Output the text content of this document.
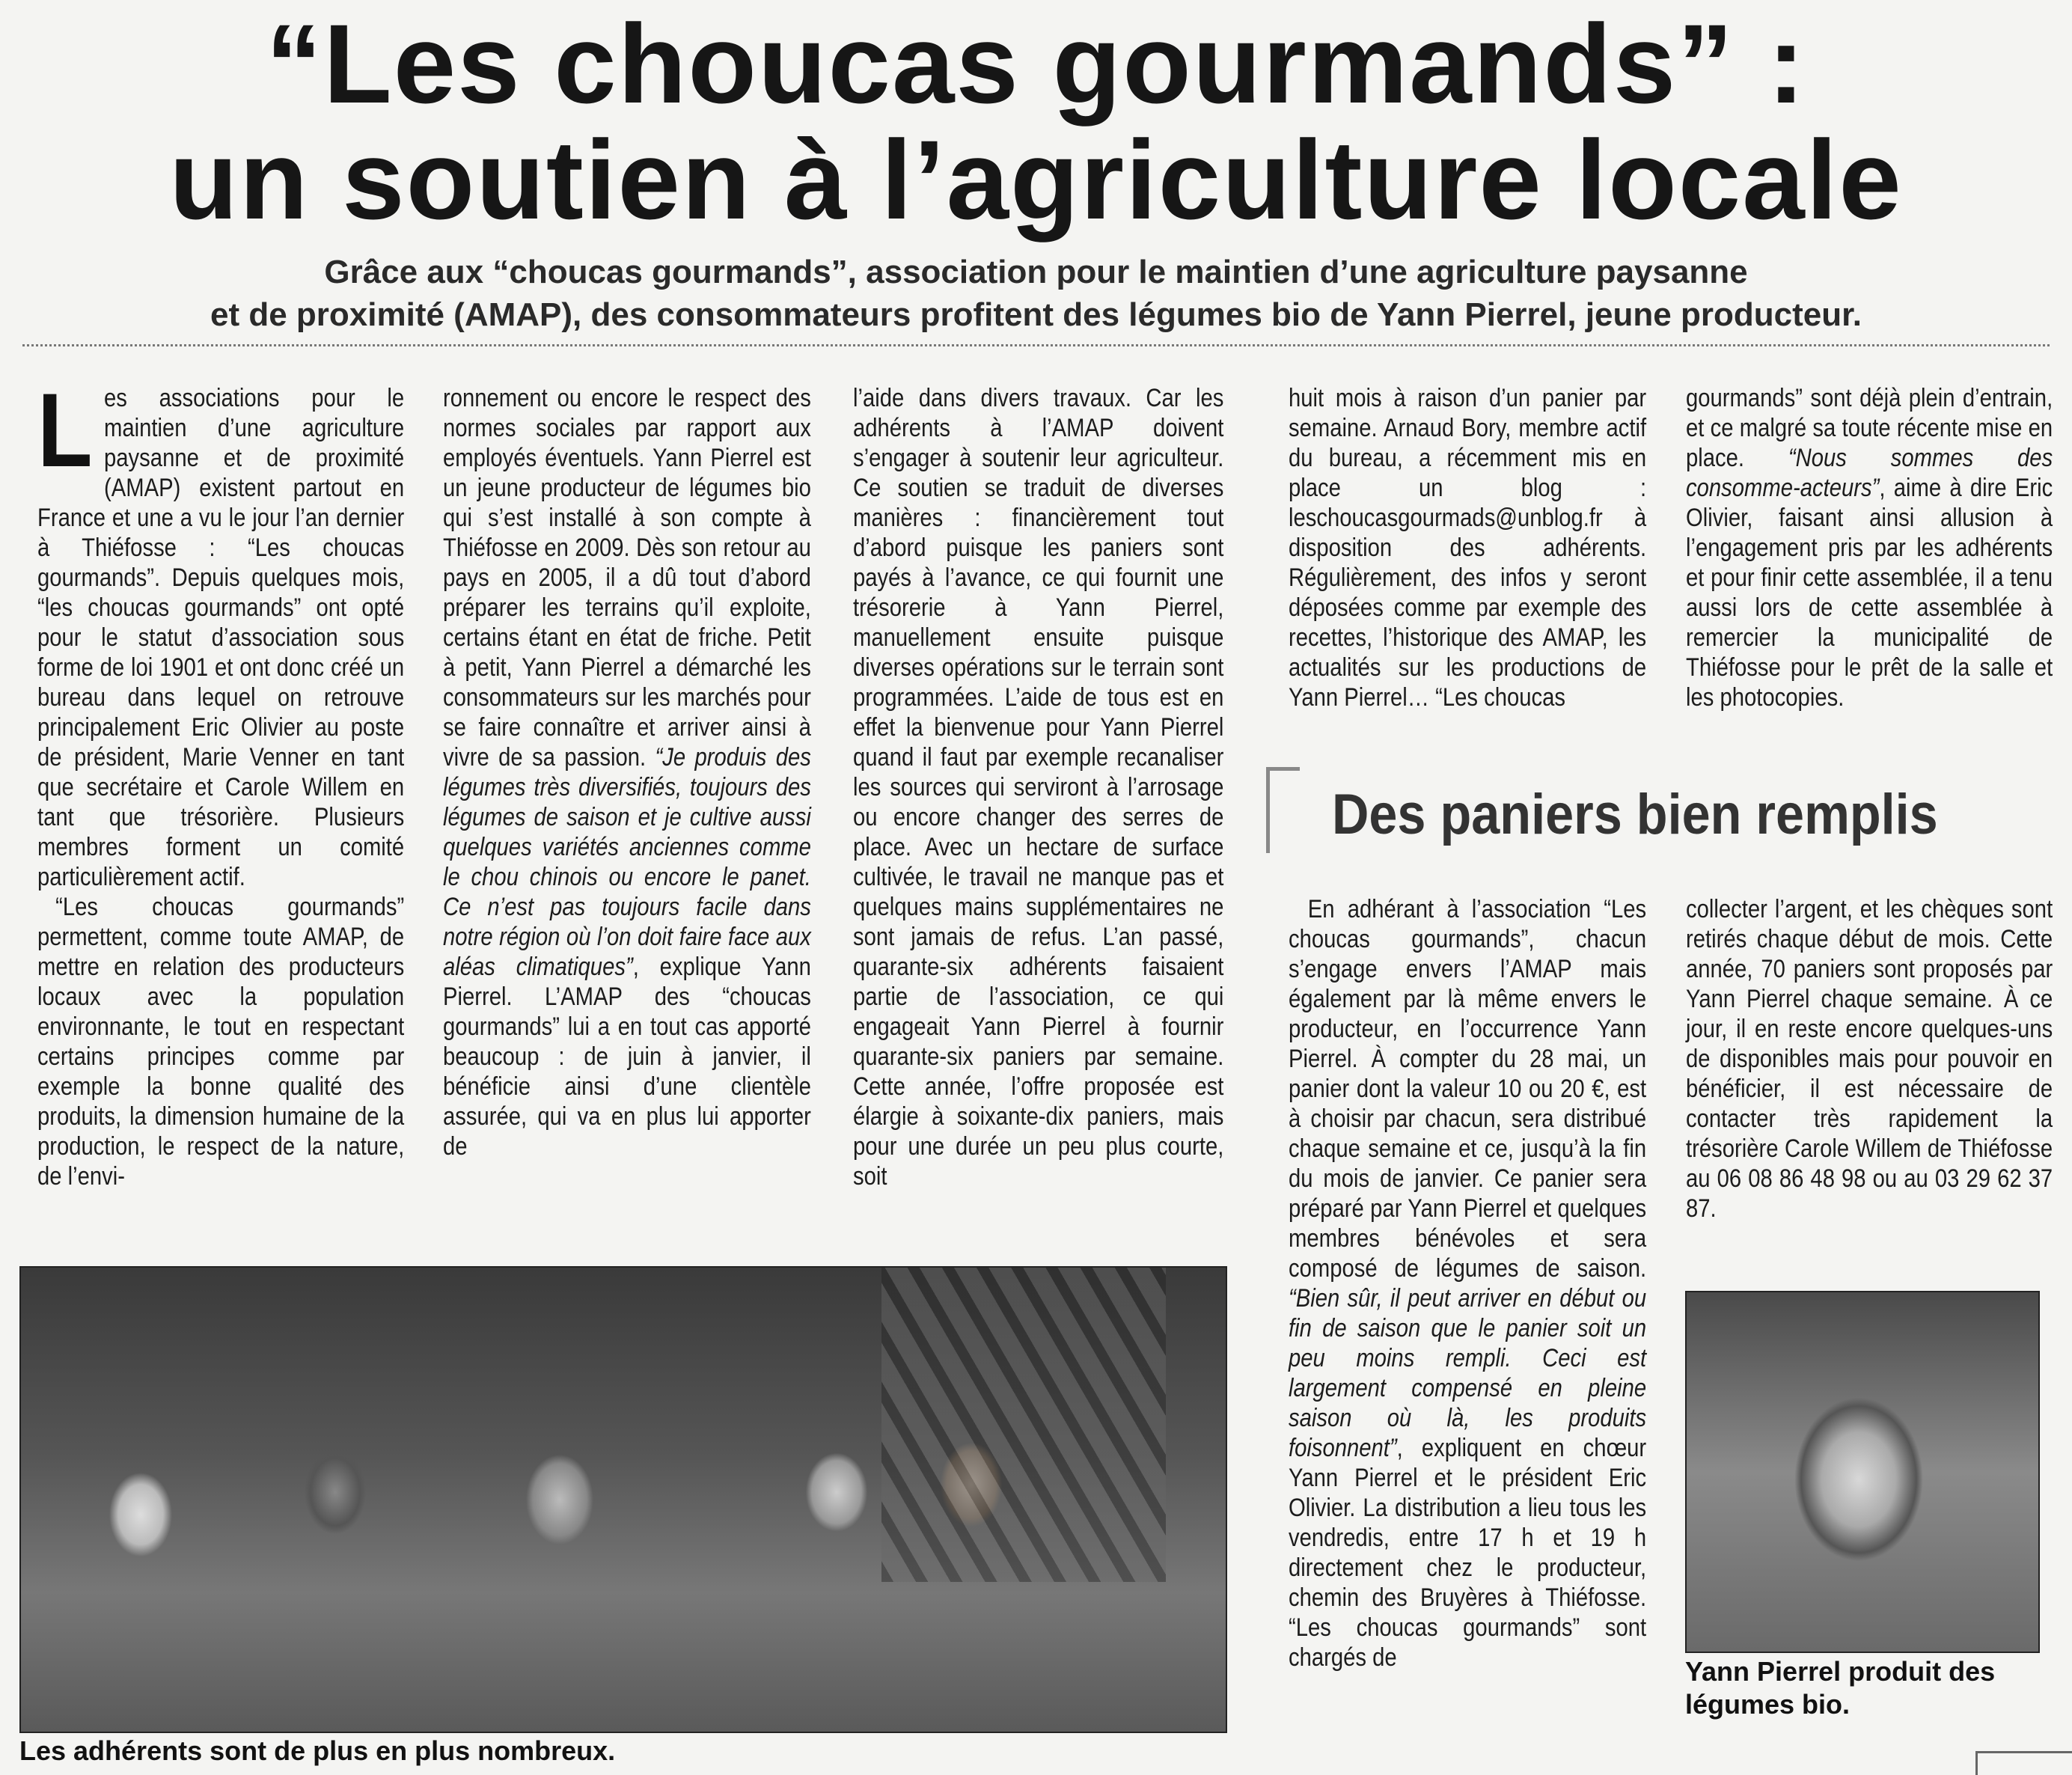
“Les choucas gourmands” :
un soutien à l’agriculture locale
Grâce aux “choucas gourmands”, association pour le maintien d’une agriculture paysanne
et de proximité (AMAP), des consommateurs profitent des légumes bio de Yann Pierrel, jeune producteur.
L es associations pour le maintien d’une agriculture paysanne et de proximité (AMAP) existent partout en France et une a vu le jour l’an dernier à Thiéfosse : “Les choucas gourmands”. Depuis quelques mois, “les choucas gourmands” ont opté pour le statut d’association sous forme de loi 1901 et ont donc créé un bureau dans lequel on retrouve principalement Eric Olivier au poste de président, Marie Venner en tant que secrétaire et Carole Willem en tant que trésorière. Plusieurs membres forment un comité particulièrement actif.

“Les choucas gourmands” permettent, comme toute AMAP, de mettre en relation des producteurs locaux avec la population environnante, le tout en respectant certains principes comme par exemple la bonne qualité des produits, la dimension humaine de la production, le respect de la nature, de l’envi-

ronnement ou encore le respect des normes sociales par rapport aux employés éventuels. Yann Pierrel est un jeune producteur de légumes bio qui s’est installé à son compte à Thiéfosse en 2009. Dès son retour au pays en 2005, il a dû tout d’abord préparer les terrains qu’il exploite, certains étant en état de friche. Petit à petit, Yann Pierrel a démarché les consommateurs sur les marchés pour se faire connaître et arriver ainsi à vivre de sa passion. “Je produis des légumes très diversifiés, toujours des légumes de saison et je cultive aussi quelques variétés anciennes comme le chou chinois ou encore le panet. Ce n’est pas toujours facile dans notre région où l’on doit faire face aux aléas climatiques”, explique Yann Pierrel. L’AMAP des “choucas gourmands” lui a en tout cas apporté beaucoup : de juin à janvier, il bénéficie ainsi d’une clientèle assurée, qui va en plus lui apporter de

l’aide dans divers travaux. Car les adhérents à l’AMAP doivent s’engager à soutenir leur agriculteur. Ce soutien se traduit de diverses manières : financièrement tout d’abord puisque les paniers sont payés à l’avance, ce qui fournit une trésorerie à Yann Pierrel, manuellement ensuite puisque diverses opérations sur le terrain sont programmées. L’aide de tous est en effet la bienvenue pour Yann Pierrel quand il faut par exemple recanaliser les sources qui serviront à l’arrosage ou encore changer des serres de place. Avec un hectare de surface cultivée, le travail ne manque pas et quelques mains supplémentaires ne sont jamais de refus. L’an passé, quarante-six adhérents faisaient partie de l’association, ce qui engageait Yann Pierrel à fournir quarante-six paniers par semaine. Cette année, l’offre proposée est élargie à soixante-dix paniers, mais pour une durée un peu plus courte, soit

huit mois à raison d’un panier par semaine. Arnaud Bory, membre actif du bureau, a récemment mis en place un blog : leschoucasgourmads@unblog.fr à disposition des adhérents. Régulièrement, des infos y seront déposées comme par exemple des recettes, l’historique des AMAP, les actualités sur les productions de Yann Pierrel… “Les choucas

gourmands” sont déjà plein d’entrain, et ce malgré sa toute récente mise en place. “Nous sommes des consomme-acteurs”, aime à dire Eric Olivier, faisant ainsi allusion à l’engagement pris par les adhérents et pour finir cette assemblée, il a tenu aussi lors de cette assemblée à remercier la municipalité de Thiéfosse pour le prêt de la salle et les photocopies.

Des paniers bien remplis

En adhérant à l’association “Les choucas gourmands”, chacun s’engage envers l’AMAP mais également par là même envers le producteur, en l’occurrence Yann Pierrel. À compter du 28 mai, un panier dont la valeur 10 ou 20 €, est à choisir par chacun, sera distribué chaque semaine et ce, jusqu’à la fin du mois de janvier. Ce panier sera préparé par Yann Pierrel et quelques membres bénévoles et sera composé de légumes de saison. “Bien sûr, il peut arriver en début ou fin de saison que le panier soit un peu moins rempli. Ceci est largement compensé en pleine saison où là, les produits foisonnent”, expliquent en chœur Yann Pierrel et le président Eric Olivier. La distribution a lieu tous les vendredis, entre 17 h et 19 h directement chez le producteur, chemin des Bruyères à Thiéfosse. “Les choucas gourmands” sont chargés de

collecter l’argent, et les chèques sont retirés chaque début de mois. Cette année, 70 paniers sont proposés par Yann Pierrel chaque semaine. À ce jour, il en reste encore quelques-uns de disponibles mais pour pouvoir en bénéficier, il est nécessaire de contacter très rapidement la trésorière Carole Willem de Thiéfosse au 06 08 86 48 98 ou au 03 29 62 37 87.

Les adhérents sont de plus en plus nombreux.
Yann Pierrel produit des légumes bio.
